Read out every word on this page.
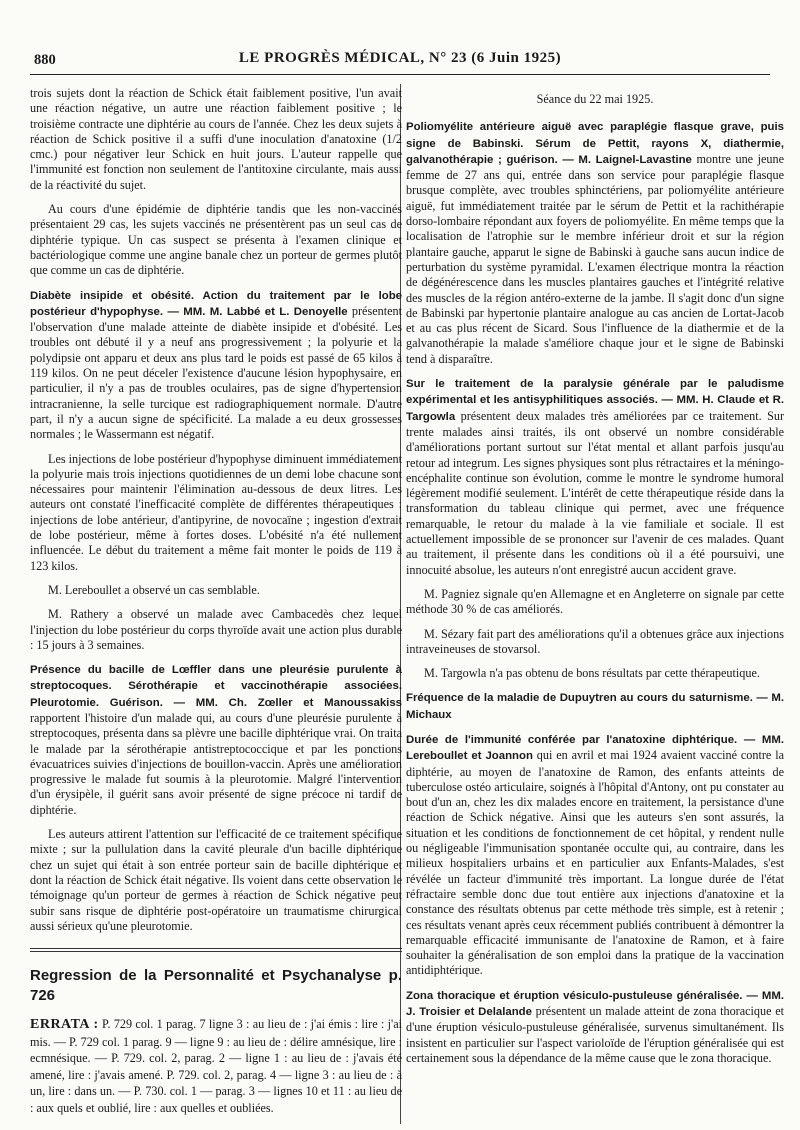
880	LE PROGRÈS MÉDICAL, N° 23 (6 Juin 1925)

trois sujets dont la réaction de Schick était faiblement positive, l'un avait une réaction négative, un autre une réaction faiblement positive ; le troisième contracte une diphtérie au cours de l'année. Chez les deux sujets à réaction de Schick positive il a suffi d'une inoculation d'anatoxine (1/2 cmc.) pour négativer leur Schick en huit jours. L'auteur rappelle que l'immunité est fonction non seulement de l'antitoxine circulante, mais aussi de la réactivité du sujet.

Au cours d'une épidémie de diphtérie tandis que les non-vaccinés présentaient 29 cas, les sujets vaccinés ne présentèrent pas un seul cas de diphtérie typique. Un cas suspect se présenta à l'examen clinique et bactériologique comme une angine banale chez un porteur de germes plutôt que comme un cas de diphtérie.

Diabète insipide et obésité. Action du traitement par le lobe postérieur d'hypophyse. — MM. M. Labbé et L. Denoyelle présentent l'observation d'une malade atteinte de diabète insipide et d'obésité. Les troubles ont débuté il y a neuf ans progressivement ; la polyurie et la polydipsie ont apparu et deux ans plus tard le poids est passé de 65 kilos à 119 kilos. On ne peut déceler l'existence d'aucune lésion hypophysaire, en particulier, il n'y a pas de troubles oculaires, pas de signe d'hypertension intracranienne, la selle turcique est radiographiquement normale. D'autre part, il n'y a aucun signe de spécificité. La malade a eu deux grossesses normales ; le Wassermann est négatif.

Les injections de lobe postérieur d'hypophyse diminuent immédiatement la polyurie mais trois injections quotidiennes de un demi lobe chacune sont nécessaires pour maintenir l'élimination au-dessous de deux litres. Les auteurs ont constaté l'inefficacité complète de différentes thérapeutiques : injections de lobe antérieur, d'antipyrine, de novocaïne ; ingestion d'extrait de lobe postérieur, même à fortes doses. L'obésité n'a été nullement influencée. Le début du traitement a même fait monter le poids de 119 à 123 kilos.

M. Lereboullet a observé un cas semblable.

M. Rathery a observé un malade avec Cambacedès chez lequel l'injection du lobe postérieur du corps thyroïde avait une action plus durable : 15 jours à 3 semaines.

Présence du bacille de Lœffler dans une pleurésie purulente à streptocoques. Sérothérapie et vaccinothérapie associées. Pleurotomie. Guérison. — MM. Ch. Zœller et Manoussakiss rapportent l'histoire d'un malade qui, au cours d'une pleurésie purulente à streptocoques, présenta dans sa plèvre une bacille diphtérique vrai. On traita le malade par la sérothérapie antistreptococcique et par les ponctions évacuatrices suivies d'injections de bouillon-vaccin. Après une amélioration progressive le malade fut soumis à la pleurotomie. Malgré l'intervention d'un érysipèle, il guérit sans avoir présenté de signe précoce ni tardif de diphtérie.

Les auteurs attirent l'attention sur l'efficacité de ce traitement spécifique mixte ; sur la pullulation dans la cavité pleurale d'un bacille diphtérique chez un sujet qui était à son entrée porteur sain de bacille diphtérique et dont la réaction de Schick était négative. Ils voient dans cette observation le témoignage qu'un porteur de germes à réaction de Schick négative peut subir sans risque de diphtérie post-opératoire un traumatisme chirurgical aussi sérieux qu'une pleurotomie.

Regression de la Personnalité et Psychanalyse p. 726

ERRATA : P. 729 col. 1 parag. 7 ligne 3 : au lieu de : j'ai émis : lire : j'ai mis. — P. 729 col. 1 parag. 9 — ligne 9 : au lieu de : délire amnésique, lire : ecmnésique. — P. 729. col. 2, parag. 2 — ligne 1 : au lieu de : j'avais été amené, lire : j'avais amené. P. 729. col. 2, parag. 4 — ligne 3 : au lieu de : à un, lire : dans un. — P. 730. col. 1 — parag. 3 — lignes 10 et 11 : au lieu de : aux quels et oublié, lire : aux quelles et oubliées.

Séance du 22 mai 1925.

Poliomyélite antérieure aiguë avec paraplégie flasque grave, puis signe de Babinski. Sérum de Pettit, rayons X, diathermie, galvanothérapie ; guérison. — M. Laignel-Lavastine montre une jeune femme de 27 ans qui, entrée dans son service pour paraplégie flasque brusque complète, avec troubles sphinctériens, par poliomyélite antérieure aiguë, fut immédiatement traitée par le sérum de Pettit et la rachithérapie dorso-lombaire répondant aux foyers de poliomyélite. En même temps que la localisation de l'atrophie sur le membre inférieur droit et sur la région plantaire gauche, apparut le signe de Babinski à gauche sans aucun indice de perturbation du système pyramidal. L'examen électrique montra la réaction de dégénérescence dans les muscles plantaires gauches et l'intégrité relative des muscles de la région antéro-externe de la jambe. Il s'agit donc d'un signe de Babinski par hypertonie plantaire analogue au cas ancien de Lortat-Jacob et au cas plus récent de Sicard. Sous l'influence de la diathermie et de la galvanothérapie la malade s'améliore chaque jour et le signe de Babinski tend à disparaître.

Sur le traitement de la paralysie générale par le paludisme expérimental et les antisyphilitiques associés. — MM. H. Claude et R. Targowla présentent deux malades très améliorées par ce traitement. Sur trente malades ainsi traités, ils ont observé un nombre considérable d'améliorations portant surtout sur l'état mental et allant parfois jusqu'au retour ad integrum. Les signes physiques sont plus rétractaires et la méningo-encéphalite continue son évolution, comme le montre le syndrome humoral légèrement modifié seulement. L'intérêt de cette thérapeutique réside dans la transformation du tableau clinique qui permet, avec une fréquence remarquable, le retour du malade à la vie familiale et sociale. Il est actuellement impossible de se prononcer sur l'avenir de ces malades. Quant au traitement, il présente dans les conditions où il a été poursuivi, une innocuité absolue, les auteurs n'ont enregistré aucun accident grave.

M. Pagniez signale qu'en Allemagne et en Angleterre on signale par cette méthode 30 % de cas améliorés.

M. Sézary fait part des améliorations qu'il a obtenues grâce aux injections intraveineuses de stovarsol.

M. Targowla n'a pas obtenu de bons résultats par cette thérapeutique.

Fréquence de la maladie de Dupuytren au cours du saturnisme. — M. Michaux

Durée de l'immunité conférée par l'anatoxine diphtérique. — MM. Lereboullet et Joannon qui en avril et mai 1924 avaient vacciné contre la diphtérie, au moyen de l'anatoxine de Ramon, des enfants atteints de tuberculose ostéo articulaire, soignés à l'hôpital d'Antony, ont pu constater au bout d'un an, chez les dix malades encore en traitement, la persistance d'une réaction de Schick négative. Ainsi que les auteurs s'en sont assurés, la situation et les conditions de fonctionnement de cet hôpital, y rendent nulle ou négligeable l'immunisation spontanée occulte qui, au contraire, dans les milieux hospitaliers urbains et en particulier aux Enfants-Malades, s'est révélée un facteur d'immunité très important. La longue durée de l'état réfractaire semble donc due tout entière aux injections d'anatoxine et la constance des résultats obtenus par cette méthode très simple, est à retenir ; ces résultats venant après ceux récemment publiés contribuent à démontrer la remarquable efficacité immunisante de l'anatoxine de Ramon, et à faire souhaiter la généralisation de son emploi dans la pratique de la vaccination antidiphtérique.

Zona thoracique et éruption vésiculo-pustuleuse généralisée. — MM. J. Troisier et Delalande présentent un malade atteint de zona thoracique et d'une éruption vésiculo-pustuleuse généralisée, survenus simultanément. Ils insistent en particulier sur l'aspect varioloïde de l'éruption généralisée qui est certainement sous la dépendance de la même cause que le zona thoracique.
